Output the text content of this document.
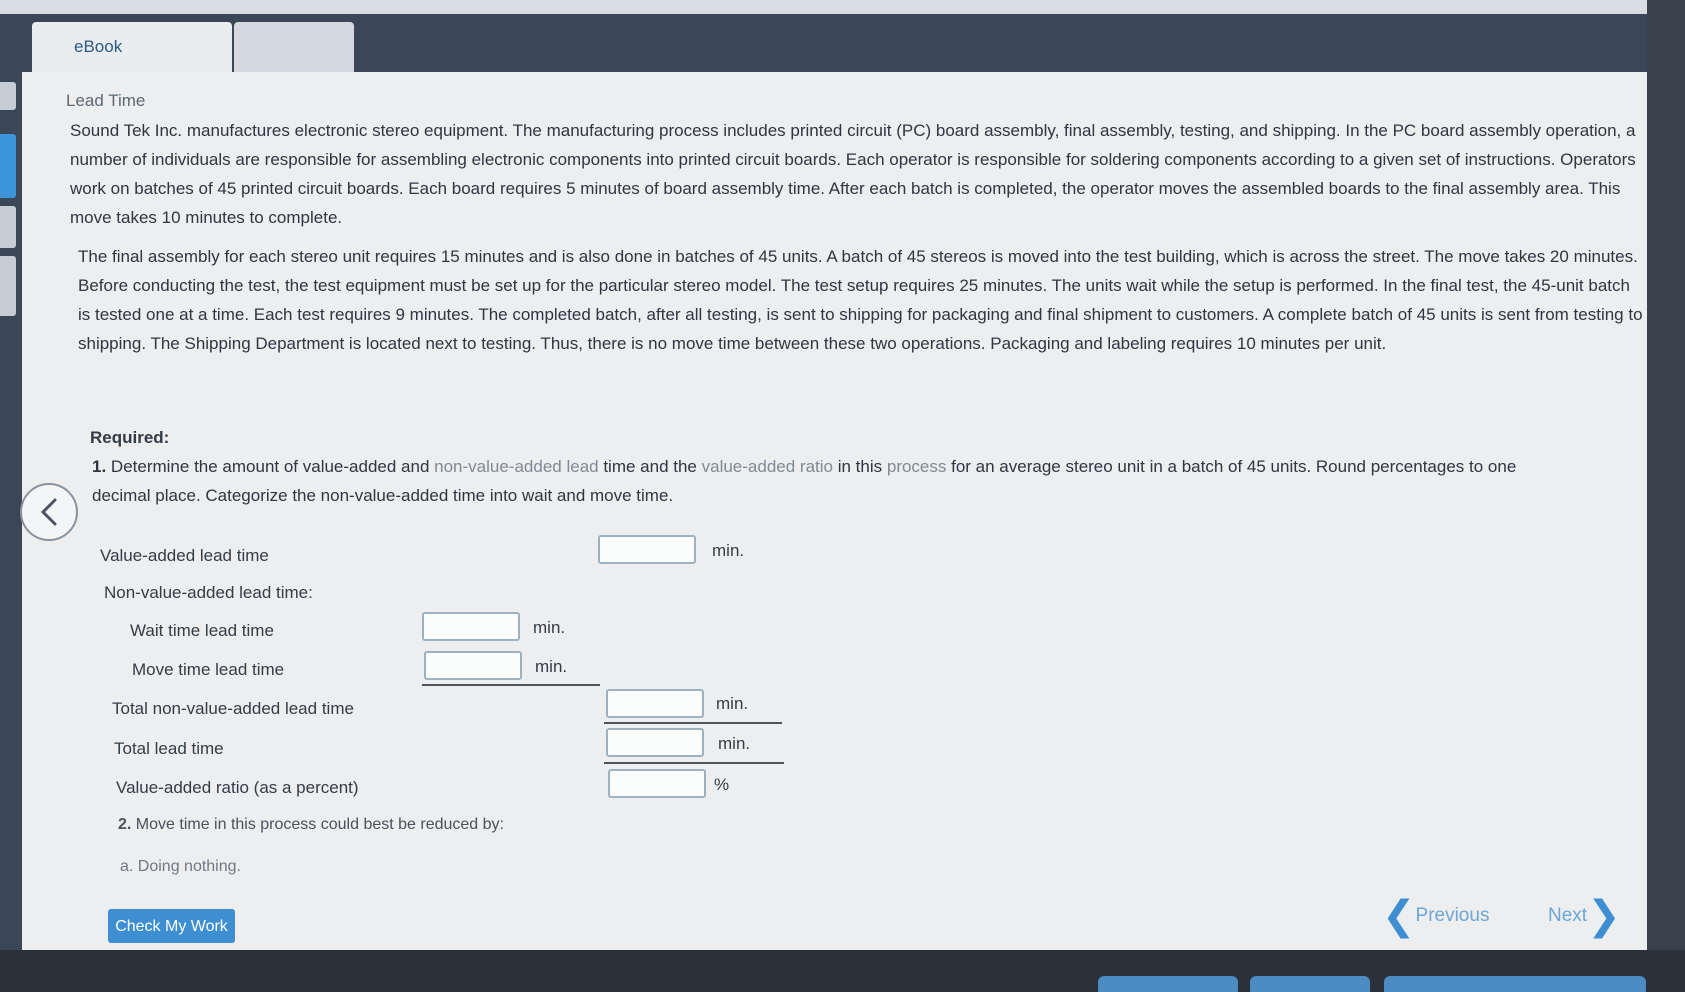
eBook
Lead Time
Sound Tek Inc. manufactures electronic stereo equipment. The manufacturing process includes printed circuit (PC) board assembly, final assembly, testing, and shipping. In the PC board assembly operation, a number of individuals are responsible for assembling electronic components into printed circuit boards. Each operator is responsible for soldering components according to a given set of instructions. Operators work on batches of 45 printed circuit boards. Each board requires 5 minutes of board assembly time. After each batch is completed, the operator moves the assembled boards to the final assembly area. This move takes 10 minutes to complete.
The final assembly for each stereo unit requires 15 minutes and is also done in batches of 45 units. A batch of 45 stereos is moved into the test building, which is across the street. The move takes 20 minutes. Before conducting the test, the test equipment must be set up for the particular stereo model. The test setup requires 25 minutes. The units wait while the setup is performed. In the final test, the 45-unit batch is tested one at a time. Each test requires 9 minutes. The completed batch, after all testing, is sent to shipping for packaging and final shipment to customers. A complete batch of 45 units is sent from testing to shipping. The Shipping Department is located next to testing. Thus, there is no move time between these two operations. Packaging and labeling requires 10 minutes per unit.
Required:
1. Determine the amount of value-added and non-value-added lead time and the value-added ratio in this process for an average stereo unit in a batch of 45 units. Round percentages to one decimal place. Categorize the non-value-added time into wait and move time.
Value-added lead time	min.
Non-value-added lead time:
Wait time lead time	min.
Move time lead time	min.
Total non-value-added lead time	min.
Total lead time	min.
Value-added ratio (as a percent)	%
2. Move time in this process could best be reduced by:
a. Doing nothing.
Check My Work	❮ Previous	Next ❯
